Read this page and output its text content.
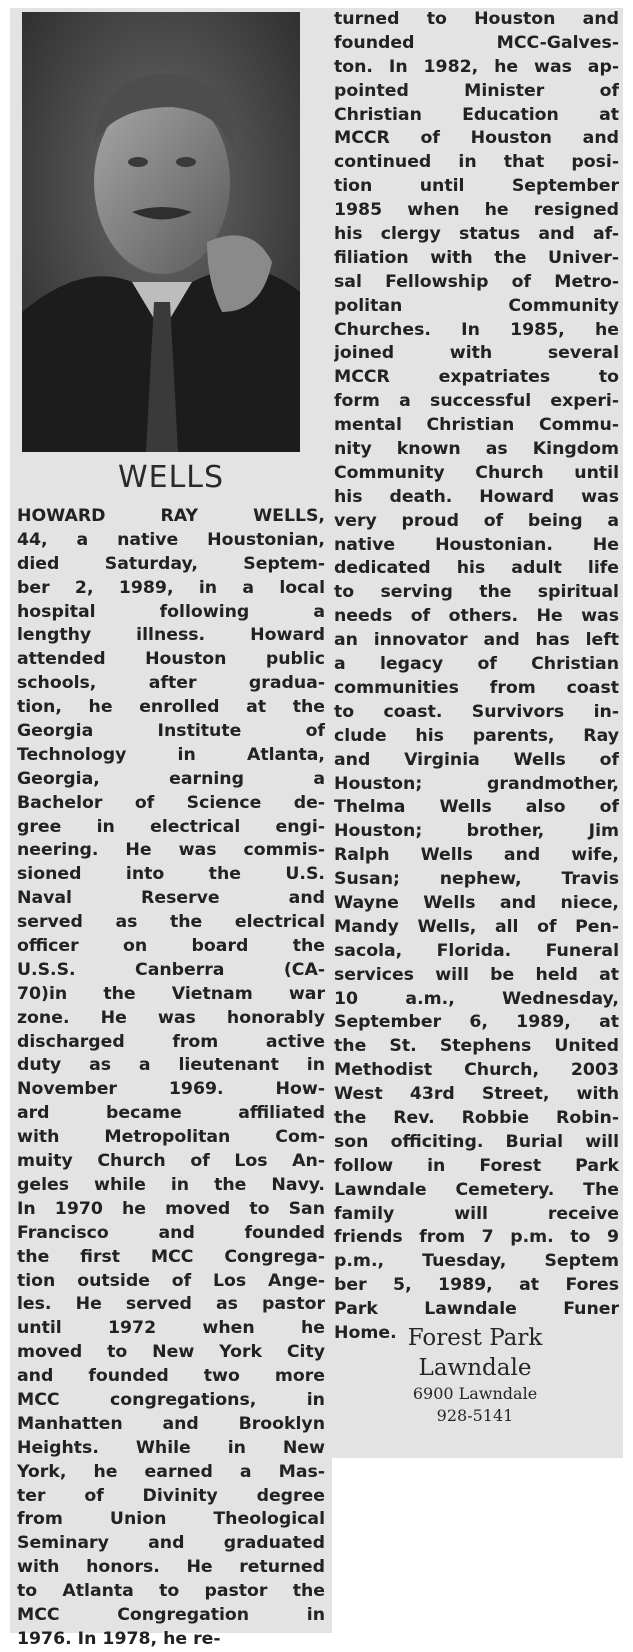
WELLS
HOWARD RAY WELLS,
44, a native Houstonian,
died Saturday, Septem-
ber 2, 1989, in a local
hospital following a
lengthy illness. Howard
attended Houston public
schools, after gradua-
tion, he enrolled at the
Georgia Institute of
Technology in Atlanta,
Georgia, earning a
Bachelor of Science de-
gree in electrical engi-
neering. He was commis-
sioned into the U.S.
Naval Reserve and
served as the electrical
officer on board the
U.S.S. Canberra (CA-
70)in the Vietnam war
zone. He was honorably
discharged from active
duty as a lieutenant in
November 1969. How-
ard became affiliated
with Metropolitan Com-
muity Church of Los An-
geles while in the Navy.
In 1970 he moved to San
Francisco and founded
the first MCC Congrega-
tion outside of Los Ange-
les. He served as pastor
until 1972 when he
moved to New York City
and founded two more
MCC congregations, in
Manhatten and Brooklyn
Heights. While in New
York, he earned a Mas-
ter of Divinity degree
from Union Theological
Seminary and graduated
with honors. He returned
to Atlanta to pastor the
MCC Congregation in
1976. In 1978, he re-
turned to Houston and
founded MCC-Galves-
ton. In 1982, he was ap-
pointed Minister of
Christian Education at
MCCR of Houston and
continued in that posi-
tion until September
1985 when he resigned
his clergy status and af-
filiation with the Univer-
sal Fellowship of Metro-
politan Community
Churches. In 1985, he
joined with several
MCCR expatriates to
form a successful experi-
mental Christian Commu-
nity known as Kingdom
Community Church until
his death. Howard was
very proud of being a
native Houstonian. He
dedicated his adult life
to serving the spiritual
needs of others. He was
an innovator and has left
a legacy of Christian
communities from coast
to coast. Survivors in-
clude his parents, Ray
and Virginia Wells of
Houston; grandmother,
Thelma Wells also of
Houston; brother, Jim
Ralph Wells and wife,
Susan; nephew, Travis
Wayne Wells and niece,
Mandy Wells, all of Pen-
sacola, Florida. Funeral
services will be held at
10 a.m., Wednesday,
September 6, 1989, at
the St. Stephens United
Methodist Church, 2003
West 43rd Street, with
the Rev. Robbie Robin-
son officiting. Burial will
follow in Forest Park
Lawndale Cemetery. The
family will receive
friends from 7 p.m. to 9
p.m., Tuesday, Septem
ber 5, 1989, at Fores
Park Lawndale Funer
Home. Forest Park
Lawndale
6900 Lawndale
928-5141
